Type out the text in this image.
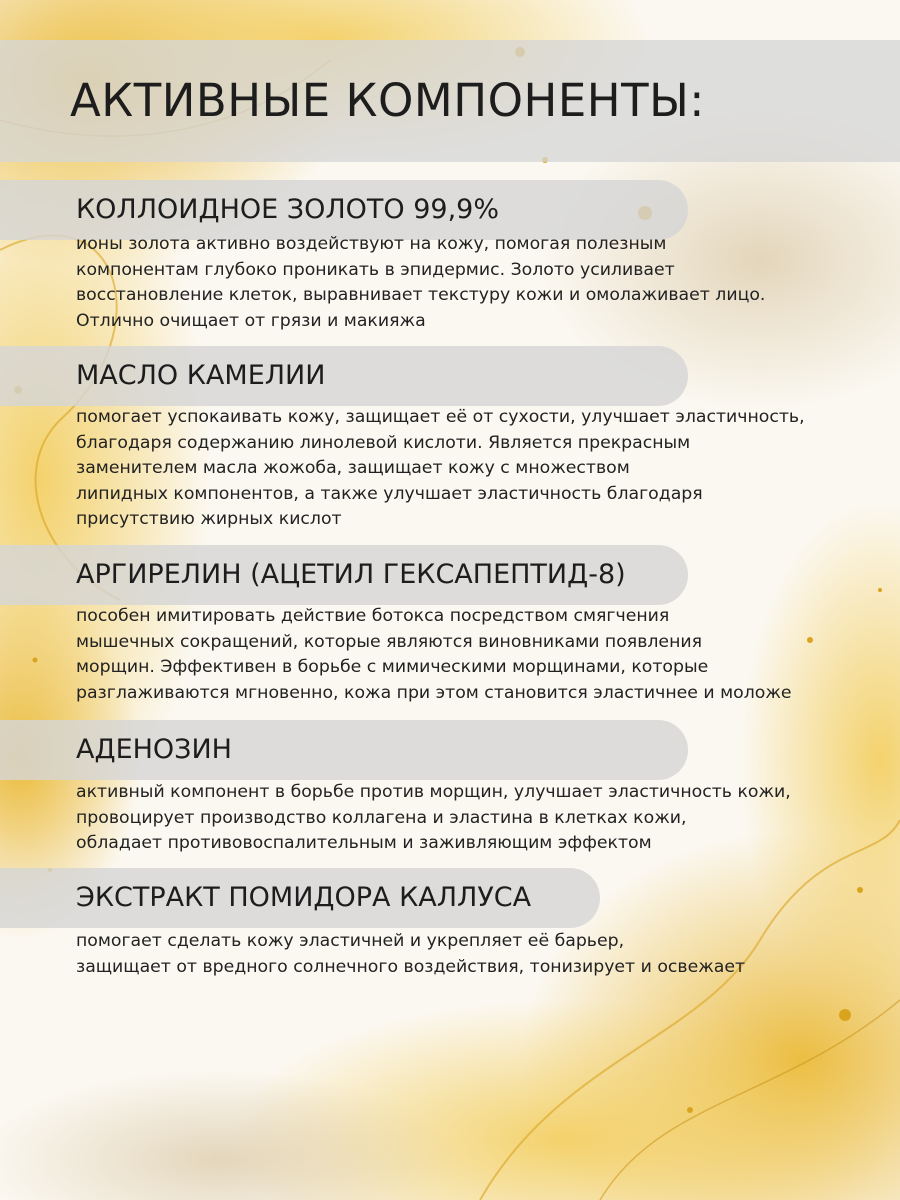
АКТИВНЫЕ КОМПОНЕНТЫ:
КОЛЛОИДНОЕ ЗОЛОТО 99,9%

ионы золота активно воздействуют на кожу, помогая полезным
компонентам глубоко проникать в эпидермис. Золото усиливает
восстановление клеток, выравнивает текстуру кожи и омолаживает лицо.
Отлично очищает от грязи и макияжа

МАСЛО КАМЕЛИИ

помогает успокаивать кожу, защищает её от сухости, улучшает эластичность,
благодаря содержанию линолевой кислоти. Является прекрасным
заменителем масла жожоба, защищает кожу с множеством
липидных компонентов, а также улучшает эластичность благодаря
присутствию жирных кислот

АРГИРЕЛИН (АЦЕТИЛ ГЕКСАПЕПТИД-8)

пособен имитировать действие ботокса посредством смягчения
мышечных сокращений, которые являются виновниками появления
морщин. Эффективен в борьбе с мимическими морщинами, которые
разглаживаются мгновенно, кожа при этом становится эластичнее и моложе

АДЕНОЗИН

активный компонент в борьбе против морщин, улучшает эластичность кожи,
провоцирует производство коллагена и эластина в клетках кожи,
обладает противовоспалительным и заживляющим эффектом

ЭКСТРАКТ ПОМИДОРА КАЛЛУСА

помогает сделать кожу эластичней и укрепляет её барьер,
защищает от вредного солнечного воздействия, тонизирует и освежает
